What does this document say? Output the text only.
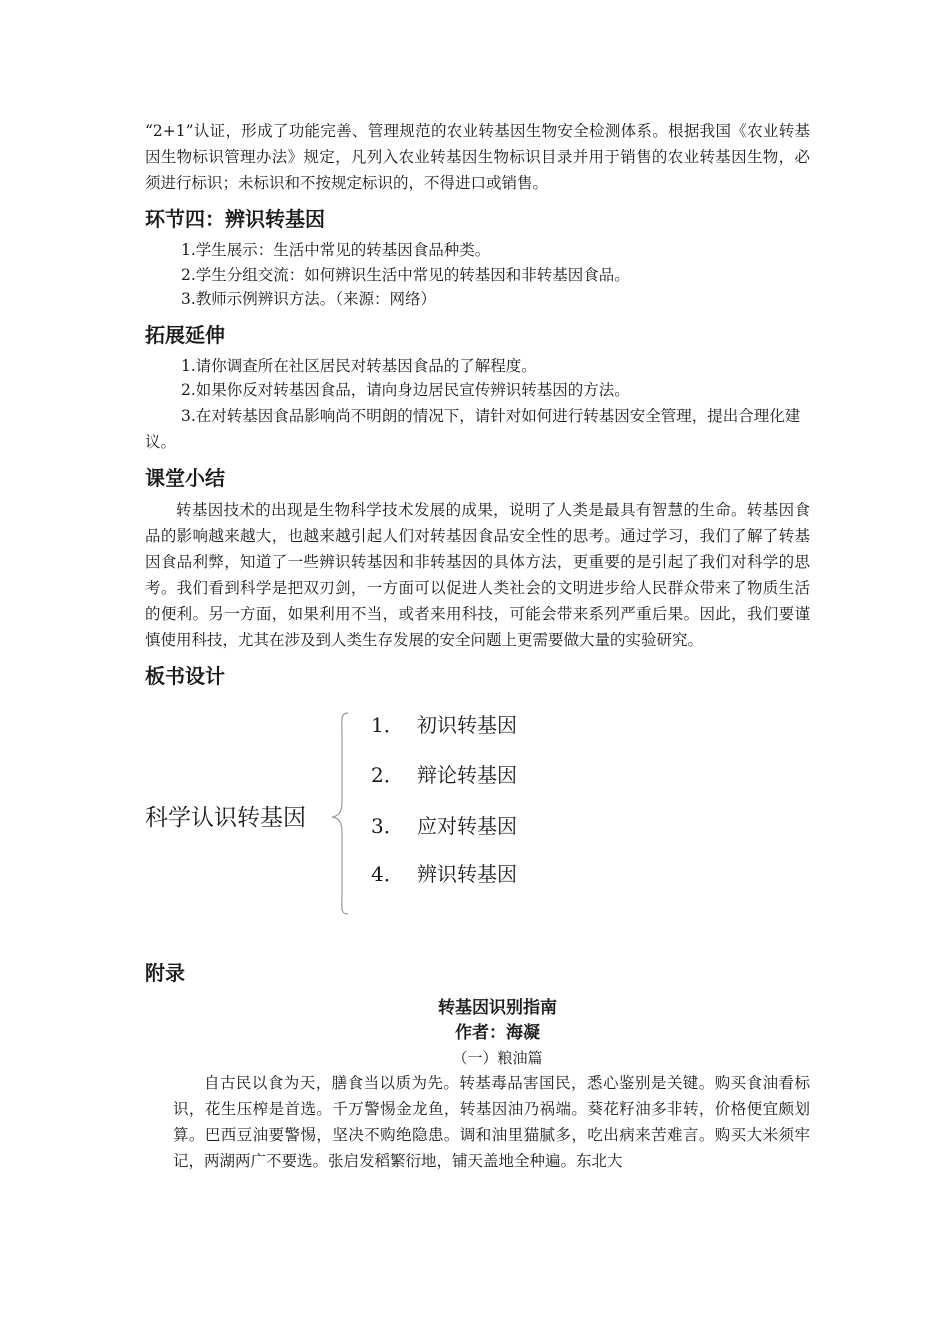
“2+1”认证，形成了功能完善、管理规范的农业转基因生物安全检测体系。根据我国《农业转基因生物标识管理办法》规定，凡列入农业转基因生物标识目录并用于销售的农业转基因生物，必须进行标识；未标识和不按规定标识的，不得进口或销售。

环节四：辨识转基因

1.学生展示：生活中常见的转基因食品种类。

2.学生分组交流：如何辨识生活中常见的转基因和非转基因食品。

3.教师示例辨识方法。（来源：网络）

拓展延伸

1.请你调查所在社区居民对转基因食品的了解程度。

2.如果你反对转基因食品，请向身边居民宣传辨识转基因的方法。

3.在对转基因食品影响尚不明朗的情况下，请针对如何进行转基因安全管理，提出合理化建议。

课堂小结

转基因技术的出现是生物科学技术发展的成果，说明了人类是最具有智慧的生命。转基因食品的影响越来越大，也越来越引起人们对转基因食品安全性的思考。通过学习，我们了解了转基因食品利弊，知道了一些辨识转基因和非转基因的具体方法，更重要的是引起了我们对科学的思考。我们看到科学是把双刃剑，一方面可以促进人类社会的文明进步给人民群众带来了物质生活的便利。另一方面，如果利用不当，或者来用科技，可能会带来系列严重后果。因此，我们要谨慎使用科技，尤其在涉及到人类生存发展的安全问题上更需要做大量的实验研究。

板书设计
科学认识转基因
1． 初识转基因
2． 辩论转基因
3． 应对转基因
4． 辨识转基因
附录

转基因识别指南

作者：海凝

（一）粮油篇

自古民以食为天，膳食当以质为先。转基毒品害国民，悉心鉴别是关键。购买食油看标识，花生压榨是首选。千万警惕金龙鱼，转基因油乃祸端。葵花籽油多非转，价格便宜颇划算。巴西豆油要警惕，坚决不购绝隐患。调和油里猫腻多，吃出病来苦难言。购买大米须牢记，两湖两广不要选。张启发稻繁衍地，铺天盖地全种遍。东北大
